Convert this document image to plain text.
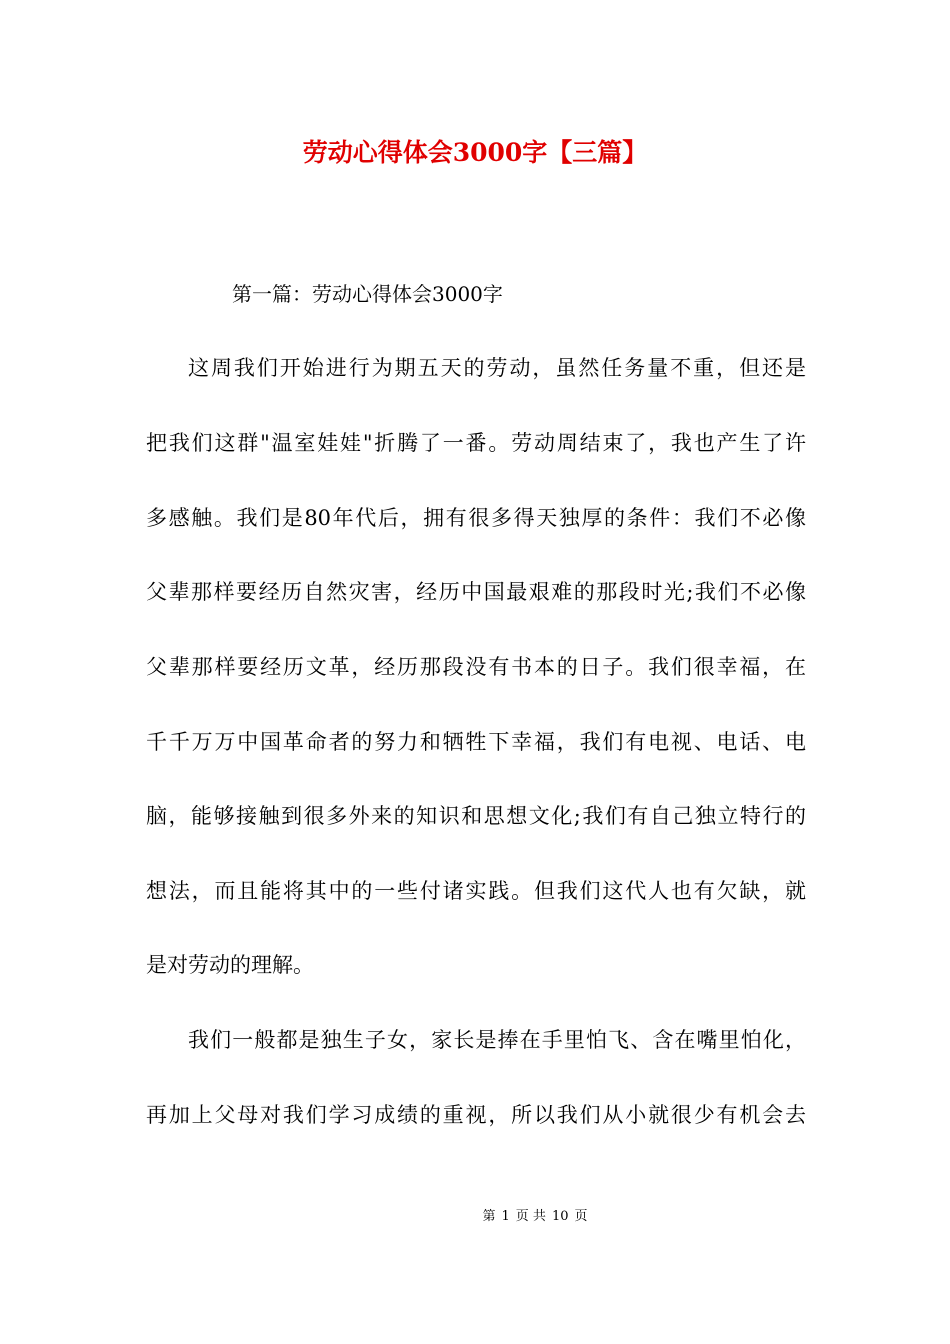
劳动心得体会3000字【三篇】
第一篇：劳动心得体会3000字
这周我们开始进行为期五天的劳动，虽然任务量不重，但还是
把我们这群"温室娃娃"折腾了一番。劳动周结束了，我也产生了许
多感触。我们是80年代后，拥有很多得天独厚的条件：我们不必像
父辈那样要经历自然灾害，经历中国最艰难的那段时光;我们不必像
父辈那样要经历文革，经历那段没有书本的日子。我们很幸福，在
千千万万中国革命者的努力和牺牲下幸福，我们有电视、电话、电
脑，能够接触到很多外来的知识和思想文化;我们有自己独立特行的
想法，而且能将其中的一些付诸实践。但我们这代人也有欠缺，就
是对劳动的理解。
我们一般都是独生子女，家长是捧在手里怕飞、含在嘴里怕化，
再加上父母对我们学习成绩的重视，所以我们从小就很少有机会去
第 1 页 共 10 页
